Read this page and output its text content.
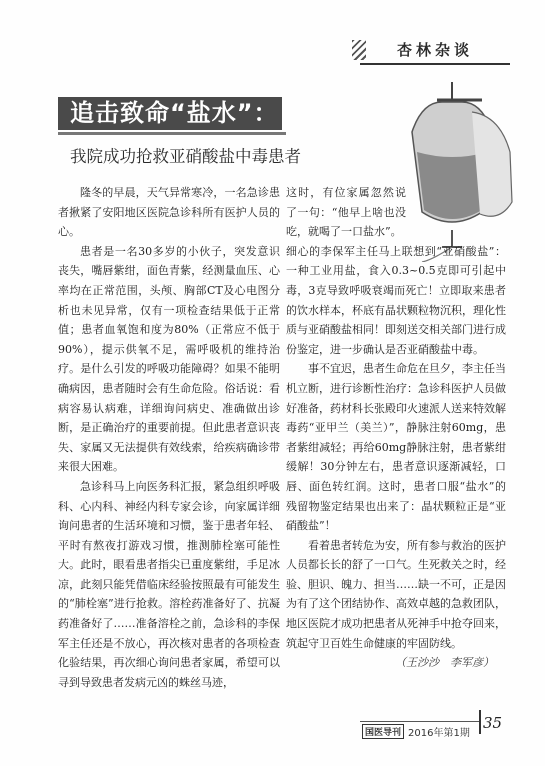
杏林杂谈
追击致命“盐水”：
我院成功抢救亚硝酸盐中毒患者

隆冬的早晨，天气异常寒冷，一名急诊患者揪紧了安阳地区医院急诊科所有医护人员的心。

患者是一名30多岁的小伙子，突发意识丧失，嘴唇紫绀，面色青紫，经测量血压、心率均在正常范围，头颅、胸部CT及心电图分析也未见异常，仅有一项检查结果低于正常值；患者血氧饱和度为80%（正常应不低于90%），提示供氧不足，需呼吸机的维持治疗。是什么引发的呼吸功能障碍？如果不能明确病因，患者随时会有生命危险。俗话说：看病容易认病难，详细询问病史、准确做出诊断，是正确治疗的重要前提。但此患者意识丧失、家属又无法提供有效线索，给疾病确诊带来很大困难。

急诊科马上向医务科汇报，紧急组织呼吸科、心内科、神经内科专家会诊，向家属详细询问患者的生活环境和习惯，鉴于患者年轻、平时有熬夜打游戏习惯，推测肺栓塞可能性大。此时，眼看患者指尖已重度紫绀，手足冰凉，此刻只能凭借临床经验按照最有可能发生的“肺栓塞”进行抢救。溶栓药准备好了、抗凝药准备好了……准备溶栓之前，急诊科的李保军主任还是不放心，再次核对患者的各项检查化验结果，再次细心询问患者家属，希望可以寻到导致患者发病元凶的蛛丝马迹，

这时，有位家属忽然说了一句：“他早上啥也没吃，就喝了一口盐水”。

细心的李保军主任马上联想到“亚硝酸盐”：一种工业用盐，食入0.3~0.5克即可引起中毒，3克导致呼吸衰竭而死亡！立即取来患者的饮水样本，杯底有晶状颗粒物沉积，理化性质与亚硝酸盐相同！即刻送交相关部门进行成份鉴定，进一步确认是否亚硝酸盐中毒。

事不宜迟，患者生命危在旦夕，李主任当机立断，进行诊断性治疗：急诊科医护人员做好准备，药材科长张殿印火速派人送来特效解毒药“亚甲兰（美兰）”，静脉注射60mg，患者紫绀减轻；再给60mg静脉注射，患者紫绀缓解！30分钟左右，患者意识逐渐减轻，口唇、面色转红润。这时，患者口服“盐水”的残留物鉴定结果也出来了：晶状颗粒正是“亚硝酸盐”！

看着患者转危为安，所有参与救治的医护人员都长长的舒了一口气。生死救关之时，经验、胆识、魄力、担当……缺一不可，正是因为有了这个团结协作、高效卓越的急救团队，地区医院才成功把患者从死神手中抢夺回来，筑起守卫百姓生命健康的牢固防线。

（王沙沙　李军彦）
国医导刊 2016年第1期
35
